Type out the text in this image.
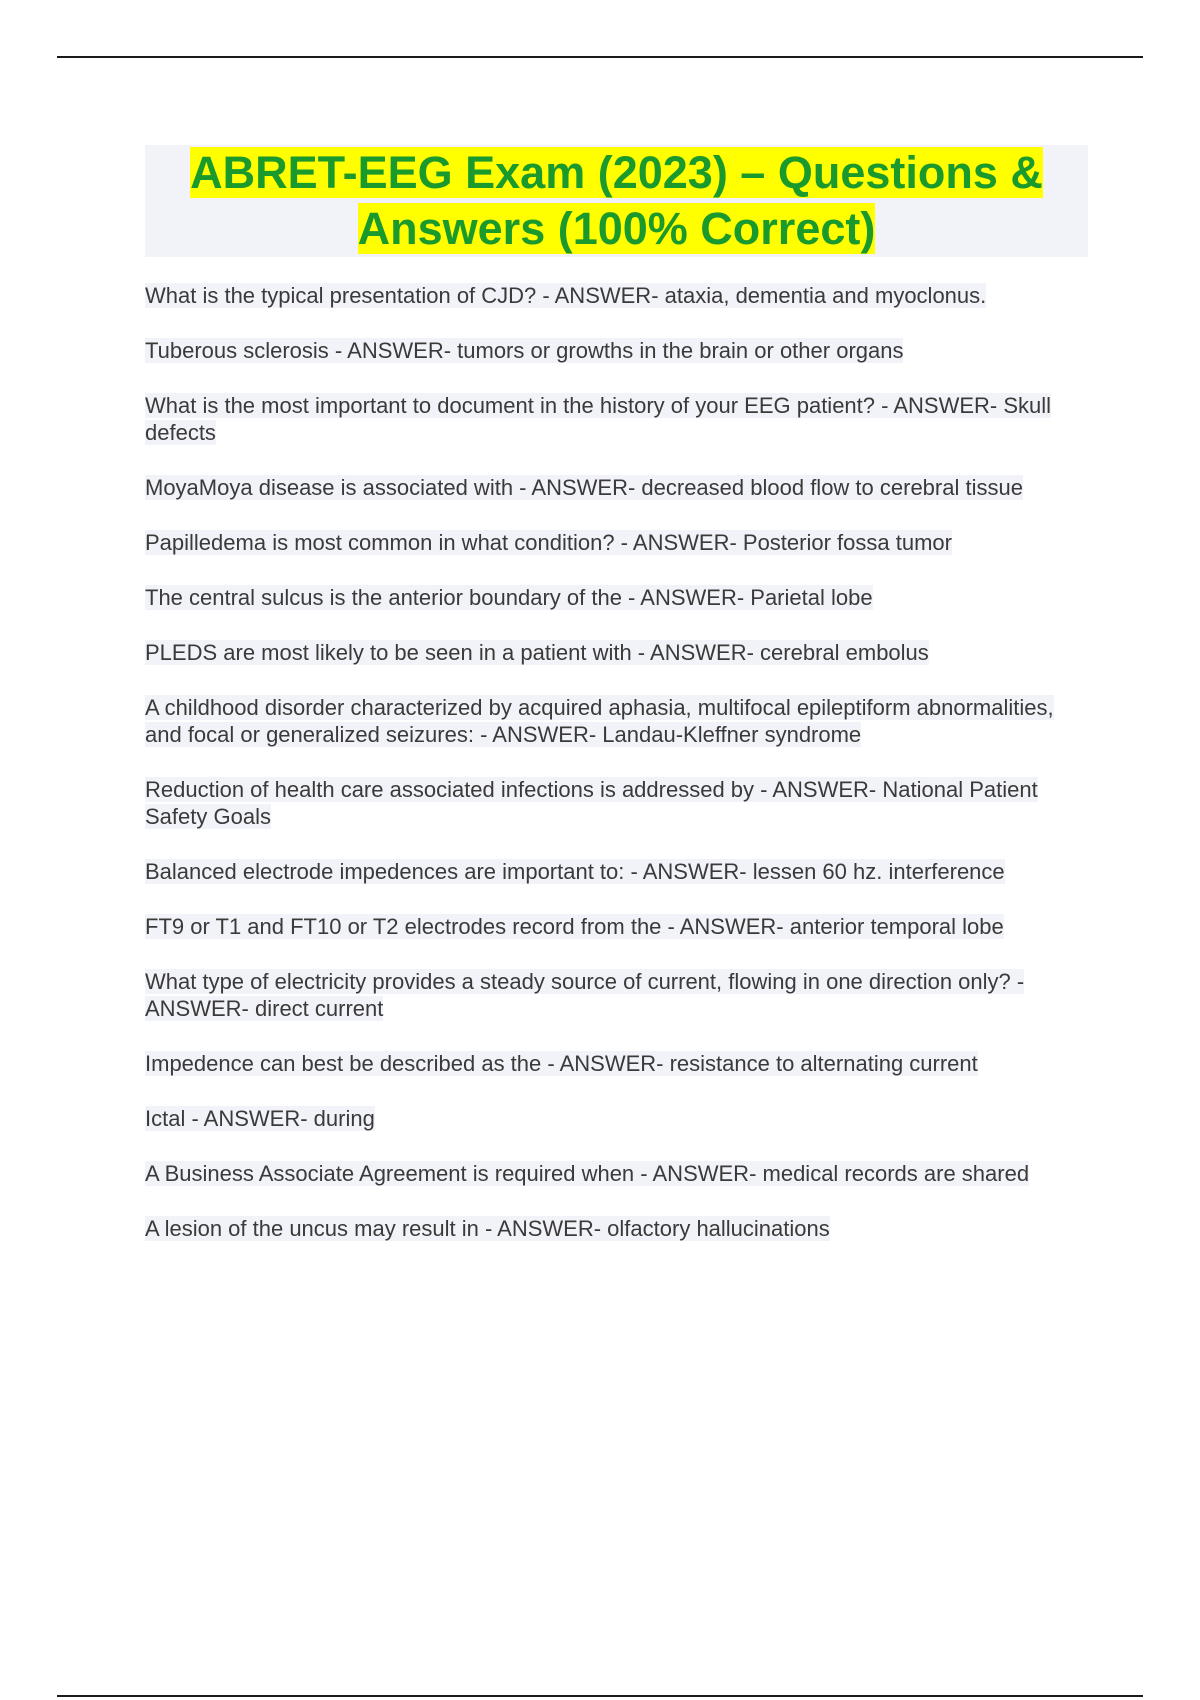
ABRET-EEG Exam (2023) – Questions & Answers (100% Correct)

What is the typical presentation of CJD? - ANSWER- ataxia, dementia and myoclonus.

Tuberous sclerosis - ANSWER- tumors or growths in the brain or other organs

What is the most important to document in the history of your EEG patient? - ANSWER- Skull defects

MoyaMoya disease is associated with - ANSWER- decreased blood flow to cerebral tissue

Papilledema is most common in what condition? - ANSWER- Posterior fossa tumor

The central sulcus is the anterior boundary of the - ANSWER- Parietal lobe

PLEDS are most likely to be seen in a patient with - ANSWER- cerebral embolus

A childhood disorder characterized by acquired aphasia, multifocal epileptiform abnormalities, and focal or generalized seizures: - ANSWER- Landau-Kleffner syndrome

Reduction of health care associated infections is addressed by - ANSWER- National Patient Safety Goals

Balanced electrode impedences are important to: - ANSWER- lessen 60 hz. interference

FT9 or T1 and FT10 or T2 electrodes record from the - ANSWER- anterior temporal lobe

What type of electricity provides a steady source of current, flowing in one direction only? - ANSWER- direct current

Impedence can best be described as the - ANSWER- resistance to alternating current

Ictal - ANSWER- during

A Business Associate Agreement is required when - ANSWER- medical records are shared

A lesion of the uncus may result in - ANSWER- olfactory hallucinations
